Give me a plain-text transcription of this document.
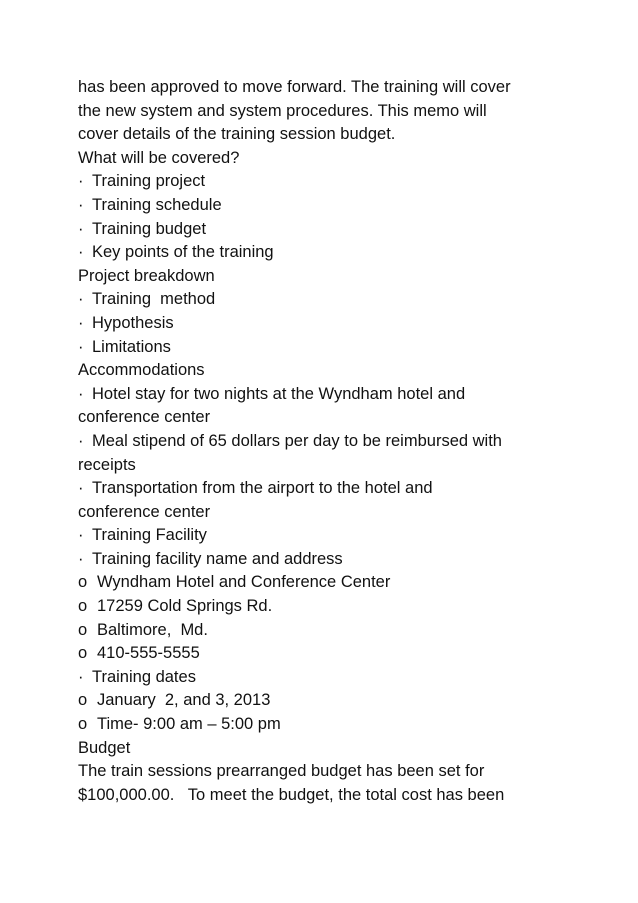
has been approved to move forward. The training will cover
the new system and system procedures. This memo will
cover details of the training session budget.
What will be covered?
· Training project
· Training schedule
· Training budget
· Key points of the training
Project breakdown
· Training  method
· Hypothesis
· Limitations
Accommodations
· Hotel stay for two nights at the Wyndham hotel and
conference center
· Meal stipend of 65 dollars per day to be reimbursed with
receipts
· Transportation from the airport to the hotel and
conference center
· Training Facility
· Training facility name and address
o Wyndham Hotel and Conference Center
o 17259 Cold Springs Rd.
o Baltimore,  Md.
o 410-555-5555
· Training dates
o January  2, and 3, 2013
o Time- 9:00 am – 5:00 pm
Budget
The train sessions prearranged budget has been set for
$100,000.00.   To meet the budget, the total cost has been
